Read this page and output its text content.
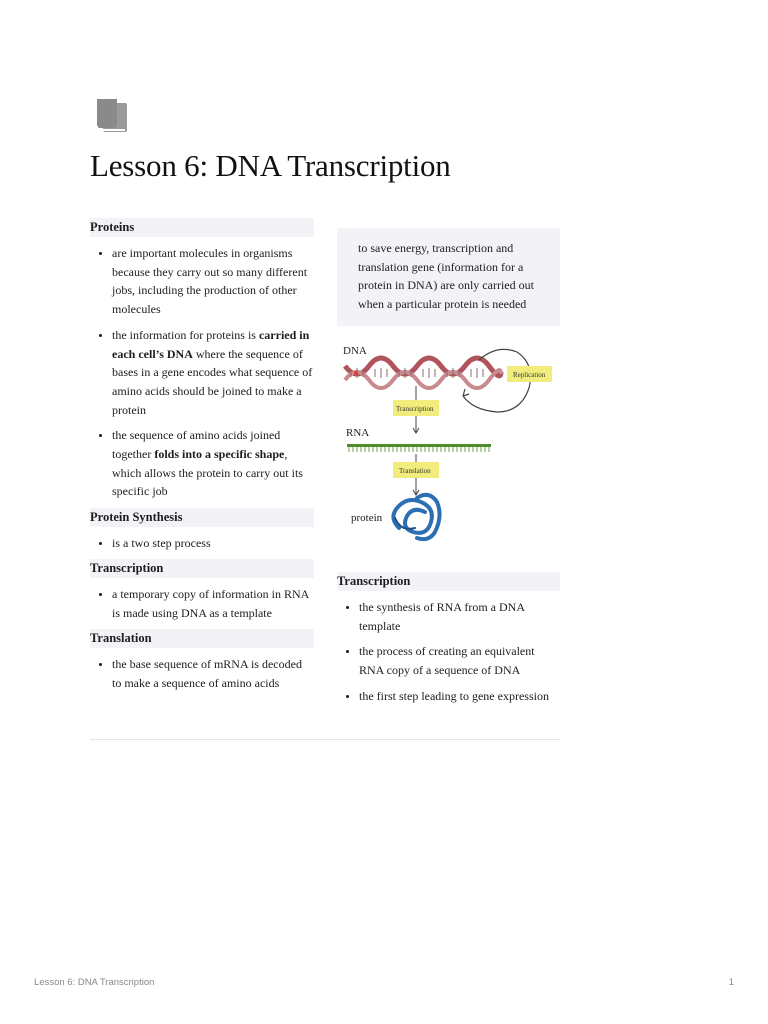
Lesson 6: DNA Transcription
Proteins
• are important molecules in organisms because they carry out so many different jobs, including the production of other molecules
• the information for proteins is carried in each cell’s DNA where the sequence of bases in a gene encodes what sequence of amino acids should be joined to make a protein
• the sequence of amino acids joined together folds into a specific shape, which allows the protein to carry out its specific job
Protein Synthesis
• is a two step process
Transcription
• a temporary copy of information in RNA is made using DNA as a template
Translation
• the base sequence of mRNA is decoded to make a sequence of amino acids
to save energy, transcription and translation gene (information for a protein in DNA) are only carried out when a particular protein is needed
DNA
Replication
Transcription
RNA
Translation
protein
Transcription
• the synthesis of RNA from a DNA template
• the process of creating an equivalent RNA copy of a sequence of DNA
• the first step leading to gene expression
Lesson 6: DNA Transcription	1
